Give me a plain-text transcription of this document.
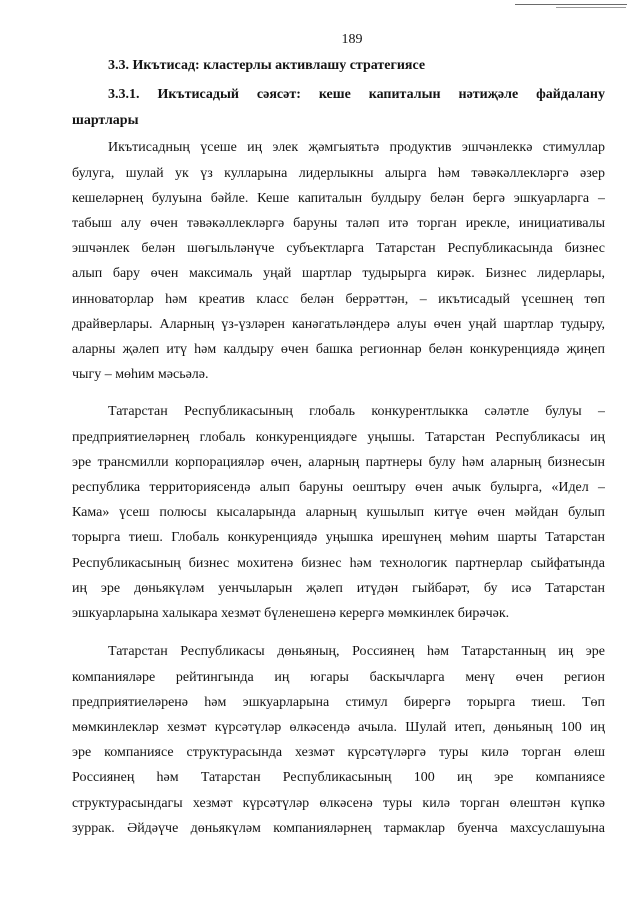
189
3.3. Икътисад: кластерлы активлашу стратегиясе
3.3.1. Икътисадый сәясәт: кеше капиталын нәтиҗәле файдалану
шартлары
Икътисадның үсеше иң элек җәмгыятьтә продуктив эшчәнлеккә стимуллар
булуга, шулай ук үз кулларына лидерлыкны алырга һәм тәвәкәллекләргә әзер
кешеләрнең булуына бәйле. Кеше капиталын булдыру белән бергә эшкуарларга –
табыш алу өчен тәвәкәллекләргә баруны таләп итә торган ирекле, инициативалы
эшчәнлек белән шөгыльләнүче субъектларга Татарстан Республикасында бизнес
алып бару өчен максималь уңай шартлар тудырырга кирәк. Бизнес лидерлары,
инноваторлар һәм креатив класс белән беррәттән, – икътисадый үсешнең төп
драйверлары. Аларның үз-үзләрен канәгатьләндерә алуы өчен уңай шартлар тудыру,
аларны җәлеп итү һәм калдыру өчен башка регионнар белән конкуренциядә җиңеп
чыгу – мөһим мәсьәлә.
Татарстан Республикасының глобаль конкурентлыкка сәләтле булуы –
предприятиеләрнең глобаль конкуренциядәге уңышы. Татарстан Республикасы иң
эре трансмилли корпорацияләр өчен, аларның партнеры булу һәм аларның бизнесын
республика территориясендә алып баруны оештыру өчен ачык булырга, «Идел –
Кама» үсеш полюсы кысаларында аларның кушылып китүе өчен мәйдан булып
торырга тиеш. Глобаль конкуренциядә уңышка ирешүнең мөһим шарты Татарстан
Республикасының бизнес мохитенә бизнес һәм технологик партнерлар сыйфатында
иң эре дөньякүләм уенчыларын җәлеп итүдән гыйбарәт, бу исә Татарстан
эшкуарларына халыкара хезмәт бүленешенә керергә мөмкинлек бирәчәк.
Татарстан Республикасы дөньяның, Россиянең һәм Татарстанның иң эре
компанияләре рейтингында иң югары баскычларга менү өчен регион
предприятиеләренә һәм эшкуарларына стимул бирергә торырга тиеш. Төп
мөмкинлекләр хезмәт күрсәтүләр өлкәсендә ачыла. Шулай итеп, дөньяның 100 иң
эре компаниясе структурасында хезмәт күрсәтүләргә туры килә торган өлеш
Россиянең һәм Татарстан Республикасының 100 иң эре компаниясе
структурасындагы хезмәт күрсәтүләр өлкәсенә туры килә торган өлештән күпкә
зуррак. Әйдәүче дөньякүләм компанияләрнең тармаклар буенча махсуслашуына
